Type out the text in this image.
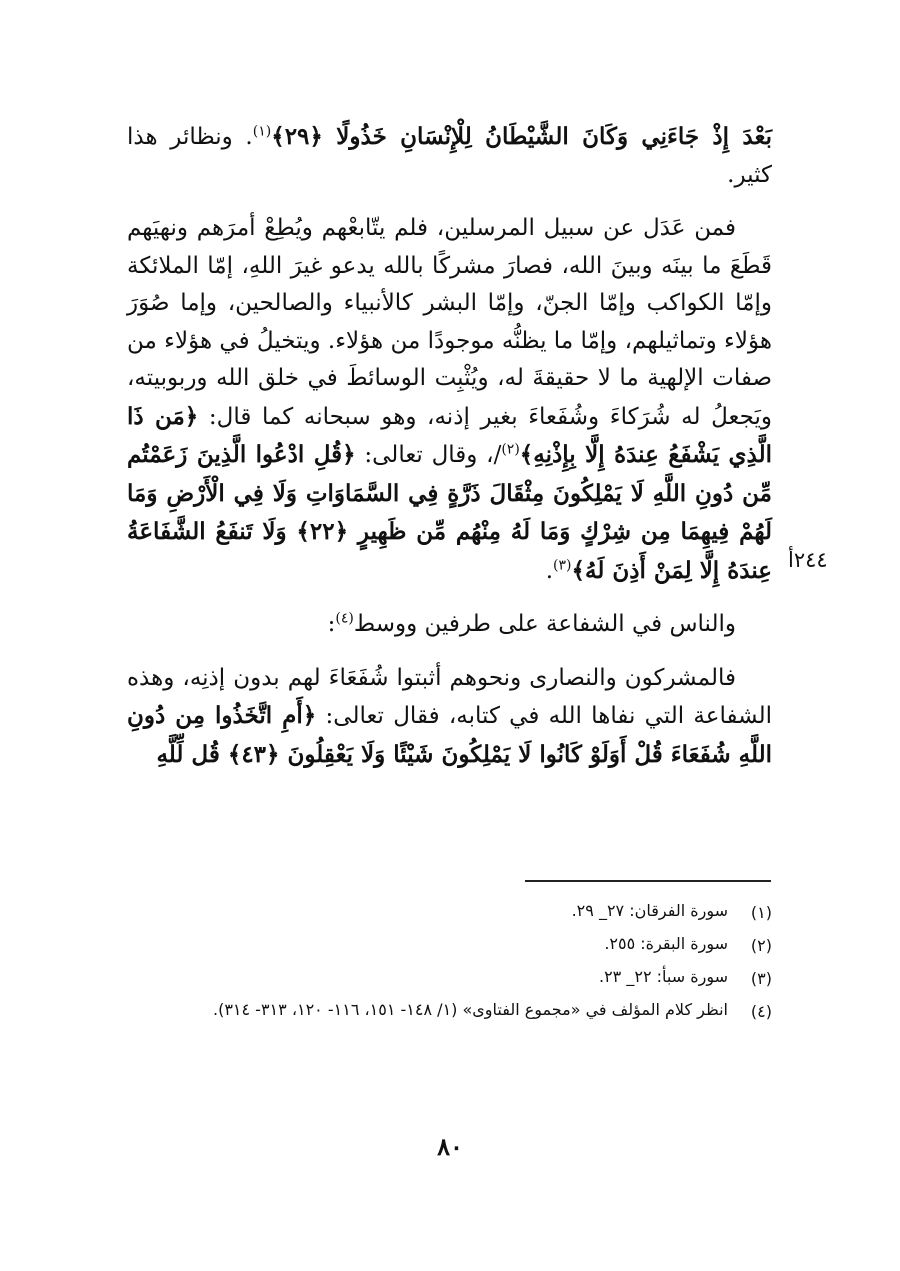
بَعْدَ إِذْ جَاءَنِي وَكَانَ الشَّيْطَانُ لِلْإِنْسَانِ خَذُولًا ﴿٢٩﴾$^{(١)}$. ونظائر هذا كثير.

فمن عَدَل عن سبيل المرسلين، فلم يتّابعْهم ويُطِعْ أمرَهم ونهيَهم قَطَعَ ما بينَه وبينَ الله، فصارَ مشركًا بالله يدعو غيرَ اللهِ، إمّا الملائكة وإمّا الكواكب وإمّا الجنّ، وإمّا البشر كالأنبياء والصالحين، وإما صُوَرَ هؤلاء وتماثيلهم، وإمّا ما يظنُّه موجودًا من هؤلاء. ويتخيلُ في هؤلاء من صفات الإلهية ما لا حقيقةَ له، ويُثْبِت الوسائطَ في خلق الله وربوبيته، ويَجعلُ له شُرَكاءَ وشُفَعاءَ بغير إذنه، وهو سبحانه كما قال: ﴿مَن ذَا الَّذِي يَشْفَعُ عِندَهُ إِلَّا بِإِذْنِهِ﴾$^{(٢)}$/، وقال تعالى: ﴿قُلِ ادْعُوا الَّذِينَ زَعَمْتُم مِّن دُونِ اللَّهِ لَا يَمْلِكُونَ مِثْقَالَ ذَرَّةٍ فِي السَّمَاوَاتِ وَلَا فِي الْأَرْضِ وَمَا لَهُمْ فِيهِمَا مِن شِرْكٍ وَمَا لَهُ مِنْهُم مِّن ظَهِيرٍ ﴿٢٢﴾ وَلَا تَنفَعُ الشَّفَاعَةُ عِندَهُ إِلَّا لِمَنْ أَذِنَ لَهُ﴾$^{(٣)}$.

والناس في الشفاعة على طرفين ووسط$^{(٤)}$:

فالمشركون والنصارى ونحوهم أثبتوا شُفَعَاءَ لهم بدون إذنِه، وهذه الشفاعة التي نفاها الله في كتابه، فقال تعالى: ﴿أَمِ اتَّخَذُوا مِن دُونِ اللَّهِ شُفَعَاءَ قُلْ أَوَلَوْ كَانُوا لَا يَمْلِكُونَ شَيْئًا وَلَا يَعْقِلُونَ ﴿٤٣﴾ قُل لِّلَّهِ

٢٤٤أ
(١)
سورة الفرقان: ٢٧_ ٢٩.
(٢)
سورة البقرة: ٢٥٥.
(٣)
سورة سبأ: ٢٢_ ٢٣.
(٤)
انظر كلام المؤلف في «مجموع الفتاوى» (١/ ١٤٨- ١٥١، ١١٦- ١٢٠، ٣١٣- ٣١٤).
٨٠
